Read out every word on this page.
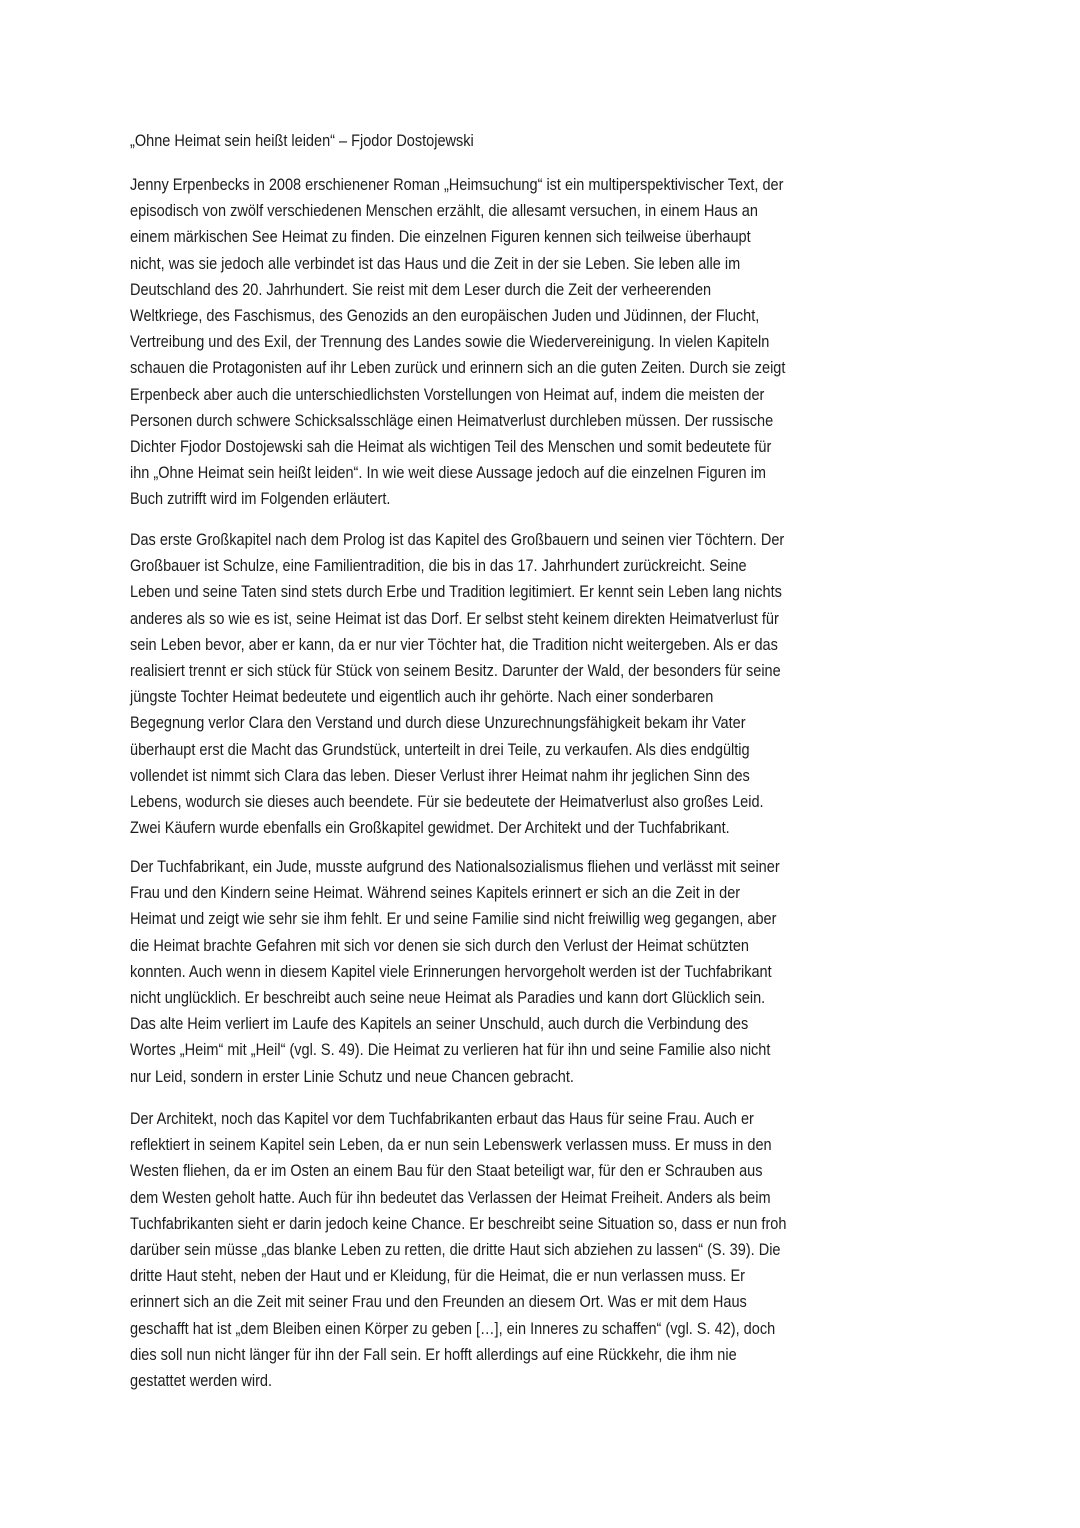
„Ohne Heimat sein heißt leiden“ – Fjodor Dostojewski
Jenny Erpenbecks in 2008 erschienener Roman „Heimsuchung“ ist ein multiperspektivischer Text, der
episodisch von zwölf verschiedenen Menschen erzählt, die allesamt versuchen, in einem Haus an
einem märkischen See Heimat zu finden. Die einzelnen Figuren kennen sich teilweise überhaupt
nicht, was sie jedoch alle verbindet ist das Haus und die Zeit in der sie Leben. Sie leben alle im
Deutschland des 20. Jahrhundert. Sie reist mit dem Leser durch die Zeit der verheerenden
Weltkriege, des Faschismus, des Genozids an den europäischen Juden und Jüdinnen, der Flucht,
Vertreibung und des Exil, der Trennung des Landes sowie die Wiedervereinigung. In vielen Kapiteln
schauen die Protagonisten auf ihr Leben zurück und erinnern sich an die guten Zeiten. Durch sie zeigt
Erpenbeck aber auch die unterschiedlichsten Vorstellungen von Heimat auf, indem die meisten der
Personen durch schwere Schicksalsschläge einen Heimatverlust durchleben müssen. Der russische
Dichter Fjodor Dostojewski sah die Heimat als wichtigen Teil des Menschen und somit bedeutete für
ihn „Ohne Heimat sein heißt leiden“. In wie weit diese Aussage jedoch auf die einzelnen Figuren im
Buch zutrifft wird im Folgenden erläutert.
Das erste Großkapitel nach dem Prolog ist das Kapitel des Großbauern und seinen vier Töchtern. Der
Großbauer ist Schulze, eine Familientradition, die bis in das 17. Jahrhundert zurückreicht. Seine
Leben und seine Taten sind stets durch Erbe und Tradition legitimiert. Er kennt sein Leben lang nichts
anderes als so wie es ist, seine Heimat ist das Dorf. Er selbst steht keinem direkten Heimatverlust für
sein Leben bevor, aber er kann, da er nur vier Töchter hat, die Tradition nicht weitergeben. Als er das
realisiert trennt er sich stück für Stück von seinem Besitz. Darunter der Wald, der besonders für seine
jüngste Tochter Heimat bedeutete und eigentlich auch ihr gehörte. Nach einer sonderbaren
Begegnung verlor Clara den Verstand und durch diese Unzurechnungsfähigkeit bekam ihr Vater
überhaupt erst die Macht das Grundstück, unterteilt in drei Teile, zu verkaufen. Als dies endgültig
vollendet ist nimmt sich Clara das leben. Dieser Verlust ihrer Heimat nahm ihr jeglichen Sinn des
Lebens, wodurch sie dieses auch beendete. Für sie bedeutete der Heimatverlust also großes Leid.
Zwei Käufern wurde ebenfalls ein Großkapitel gewidmet. Der Architekt und der Tuchfabrikant.
Der Tuchfabrikant, ein Jude, musste aufgrund des Nationalsozialismus fliehen und verlässt mit seiner
Frau und den Kindern seine Heimat. Während seines Kapitels erinnert er sich an die Zeit in der
Heimat und zeigt wie sehr sie ihm fehlt. Er und seine Familie sind nicht freiwillig weg gegangen, aber
die Heimat brachte Gefahren mit sich vor denen sie sich durch den Verlust der Heimat schützten
konnten. Auch wenn in diesem Kapitel viele Erinnerungen hervorgeholt werden ist der Tuchfabrikant
nicht unglücklich. Er beschreibt auch seine neue Heimat als Paradies und kann dort Glücklich sein.
Das alte Heim verliert im Laufe des Kapitels an seiner Unschuld, auch durch die Verbindung des
Wortes „Heim“ mit „Heil“ (vgl. S. 49). Die Heimat zu verlieren hat für ihn und seine Familie also nicht
nur Leid, sondern in erster Linie Schutz und neue Chancen gebracht.
Der Architekt, noch das Kapitel vor dem Tuchfabrikanten erbaut das Haus für seine Frau. Auch er
reflektiert in seinem Kapitel sein Leben, da er nun sein Lebenswerk verlassen muss. Er muss in den
Westen fliehen, da er im Osten an einem Bau für den Staat beteiligt war, für den er Schrauben aus
dem Westen geholt hatte. Auch für ihn bedeutet das Verlassen der Heimat Freiheit. Anders als beim
Tuchfabrikanten sieht er darin jedoch keine Chance. Er beschreibt seine Situation so, dass er nun froh
darüber sein müsse „das blanke Leben zu retten, die dritte Haut sich abziehen zu lassen“ (S. 39). Die
dritte Haut steht, neben der Haut und er Kleidung, für die Heimat, die er nun verlassen muss. Er
erinnert sich an die Zeit mit seiner Frau und den Freunden an diesem Ort. Was er mit dem Haus
geschafft hat ist „dem Bleiben einen Körper zu geben […], ein Inneres zu schaffen“ (vgl. S. 42), doch
dies soll nun nicht länger für ihn der Fall sein. Er hofft allerdings auf eine Rückkehr, die ihm nie
gestattet werden wird.
